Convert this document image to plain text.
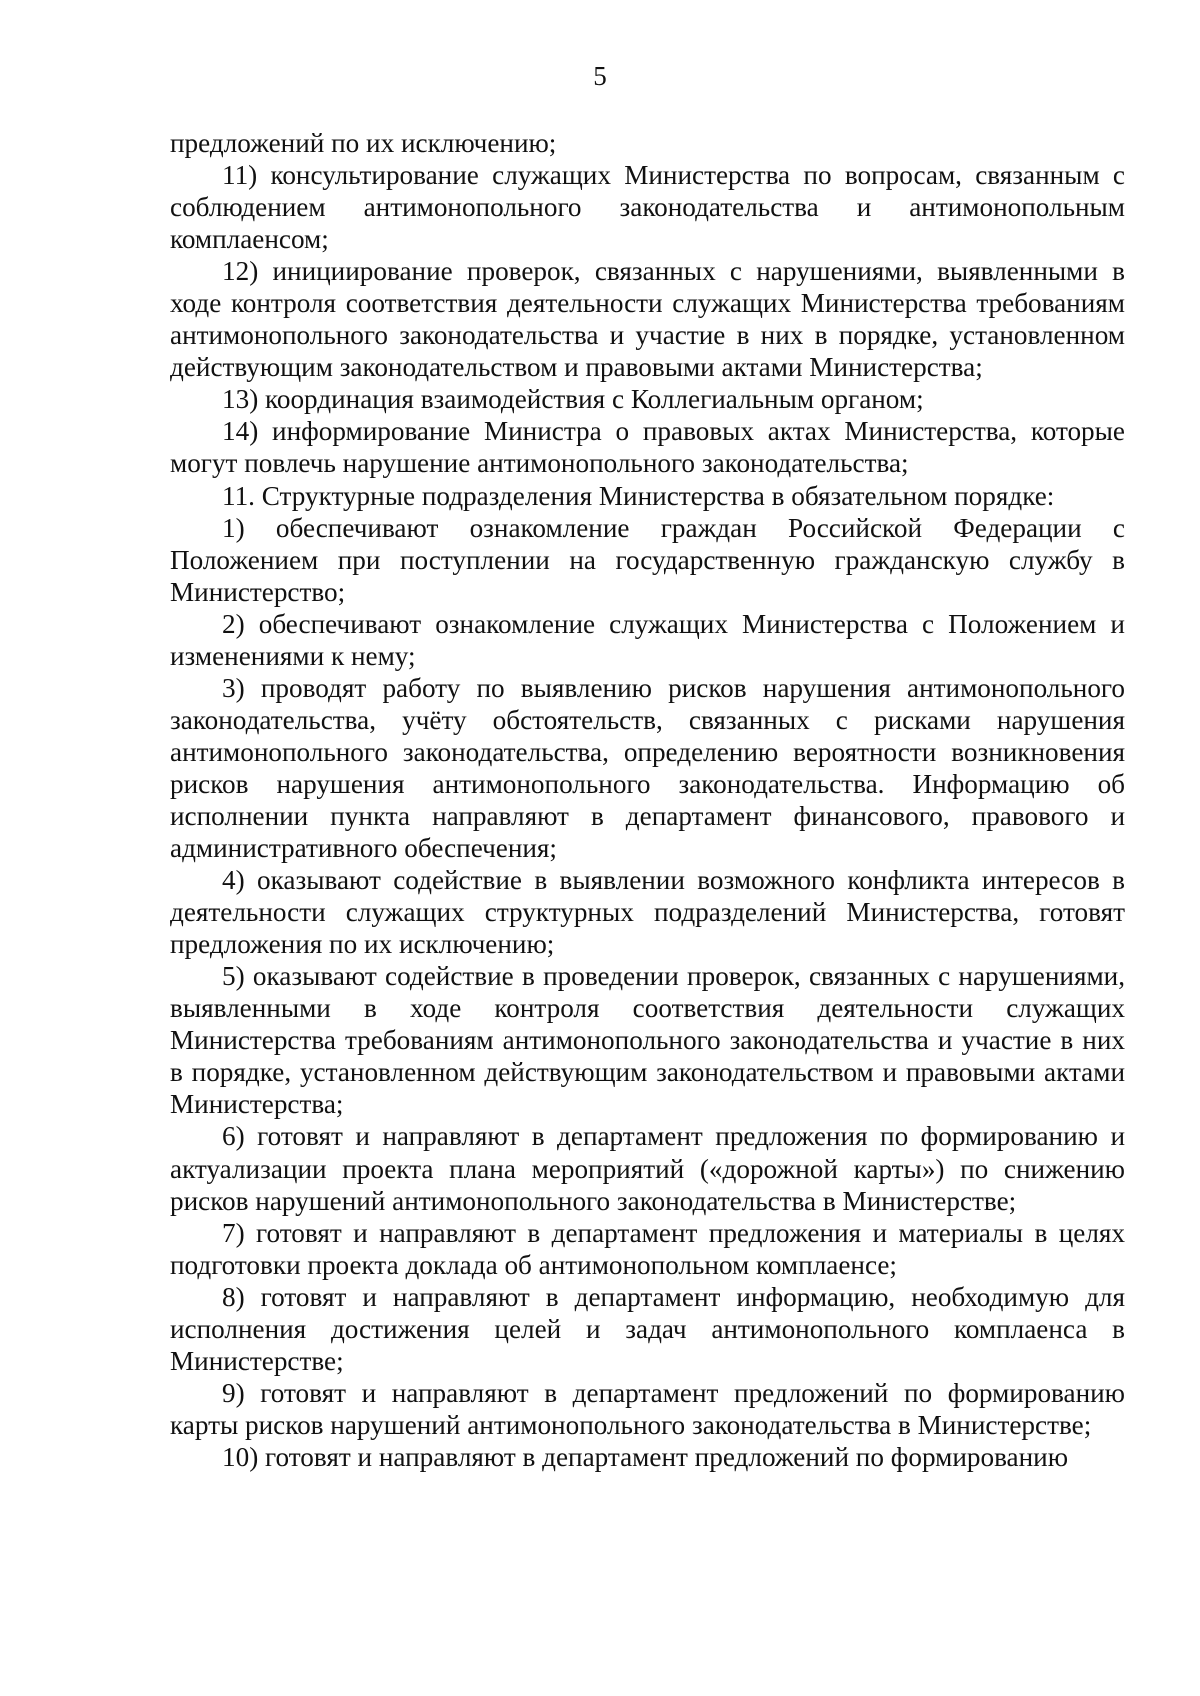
5

предложений по их исключению;

11) консультирование служащих Министерства по вопросам, связанным с соблюдением антимонопольного законодательства и антимонопольным комплаенсом;

12) инициирование проверок, связанных с нарушениями, выявленными в ходе контроля соответствия деятельности служащих Министерства требованиям антимонопольного законодательства и участие в них в порядке, установленном действующим законодательством и правовыми актами Министерства;

13) координация взаимодействия с Коллегиальным органом;

14) информирование Министра о правовых актах Министерства, которые могут повлечь нарушение антимонопольного законодательства;

11. Структурные подразделения Министерства в обязательном порядке:

1) обеспечивают ознакомление граждан Российской Федерации с Положением при поступлении на государственную гражданскую службу в Министерство;

2) обеспечивают ознакомление служащих Министерства с Положением и изменениями к нему;

3) проводят работу по выявлению рисков нарушения антимонопольного законодательства, учёту обстоятельств, связанных с рисками нарушения антимонопольного законодательства, определению вероятности возникновения рисков нарушения антимонопольного законодательства. Информацию об исполнении пункта направляют в департамент финансового, правового и административного обеспечения;

4) оказывают содействие в выявлении возможного конфликта интересов в деятельности служащих структурных подразделений Министерства, готовят предложения по их исключению;

5) оказывают содействие в проведении проверок, связанных с нарушениями, выявленными в ходе контроля соответствия деятельности служащих Министерства требованиям антимонопольного законодательства и участие в них в порядке, установленном действующим законодательством и правовыми актами Министерства;

6) готовят и направляют в департамент предложения по формированию и актуализации проекта плана мероприятий («дорожной карты») по снижению рисков нарушений антимонопольного законодательства в Министерстве;

7) готовят и направляют в департамент предложения и материалы в целях подготовки проекта доклада об антимонопольном комплаенсе;

8) готовят и направляют в департамент информацию, необходимую для исполнения достижения целей и задач антимонопольного комплаенса в Министерстве;

9) готовят и направляют в департамент предложений по формированию карты рисков нарушений антимонопольного законодательства в Министерстве;

10) готовят и направляют в департамент предложений по формированию
